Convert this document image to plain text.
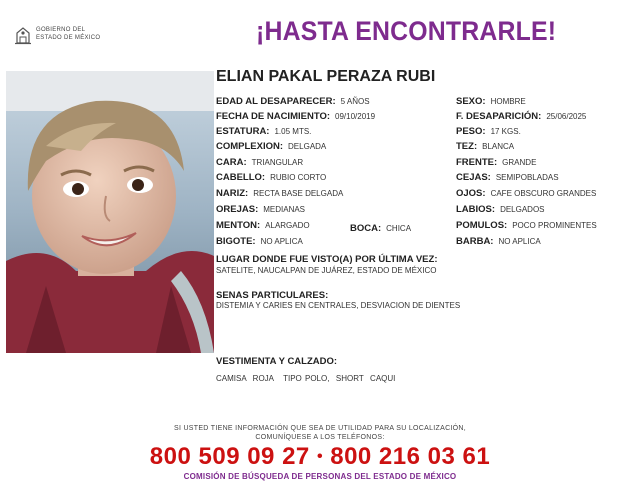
GOBIERNO DEL
ESTADO DE MÉXICO	¡HASTA ENCONTRARLE!
ELIAN PAKAL PERAZA RUBI
EDAD AL DESAPARECER: 5 AÑOS
FECHA DE NACIMIENTO: 09/10/2019
ESTATURA: 1.05 MTS.
COMPLEXION: DELGADA
CARA: TRIANGULAR
CABELLO: RUBIO CORTO
NARIZ: RECTA BASE DELGADA
OREJAS: MEDIANAS
MENTON: ALARGADO
BIGOTE: NO APLICA
BOCA: CHICA
SEXO: HOMBRE
F. DESAPARICIÓN: 25/06/2025
PESO: 17 KGS.
TEZ: BLANCA
FRENTE: GRANDE
CEJAS: SEMIPOBLADAS
OJOS: CAFE OBSCURO GRANDES
LABIOS: DELGADOS
POMULOS: POCO PROMINENTES
BARBA: NO APLICA
LUGAR DONDE FUE VISTO(A) POR ÚLTIMA VEZ:
SATELITE, NAUCALPAN DE JUÁREZ, ESTADO DE MÉXICO
SENAS PARTICULARES:
DISTEMIA Y CARIES EN CENTRALES, DESVIACION DE DIENTES
VESTIMENTA Y CALZADO:
CAMISA  ROJA   TIPO POLO,  SHORT  CAQUI
SI USTED TIENE INFORMACIÓN QUE SEA DE UTILIDAD PARA SU LOCALIZACIÓN,
COMUNÍQUESE A LOS TELÉFONOS:
800 509 09 27 • 800 216 03 61
COMISIÓN DE BÚSQUEDA DE PERSONAS DEL ESTADO DE MÉXICO
